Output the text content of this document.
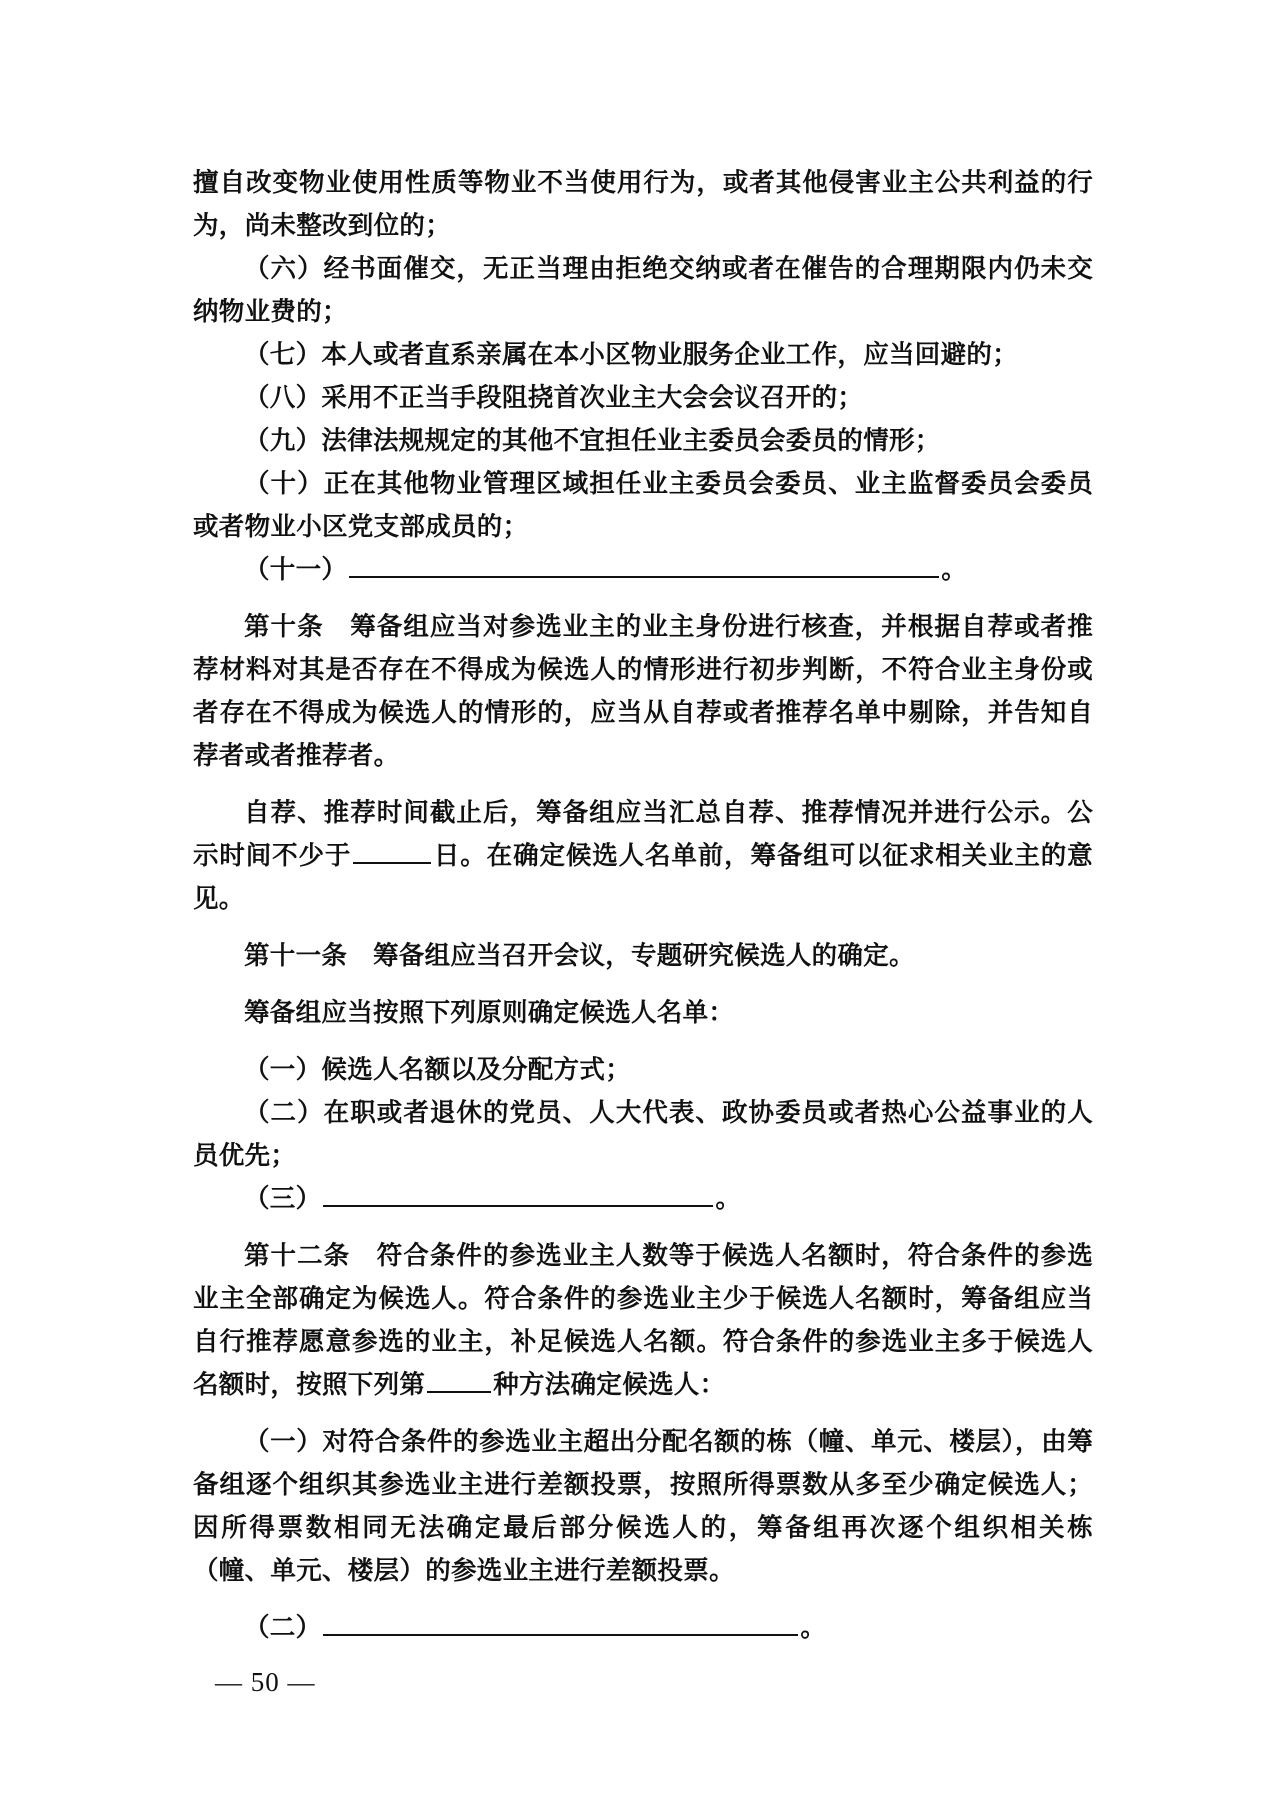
擅自改变物业使用性质等物业不当使用行为，或者其他侵害业主公共利益的行为，尚未整改到位的；

（六）经书面催交，无正当理由拒绝交纳或者在催告的合理期限内仍未交纳物业费的；

（七）本人或者直系亲属在本小区物业服务企业工作，应当回避的；

（八）采用不正当手段阻挠首次业主大会会议召开的；

（九）法律法规规定的其他不宜担任业主委员会委员的情形；

（十）正在其他物业管理区域担任业主委员会委员、业主监督委员会委员或者物业小区党支部成员的；

（十一）	。

第十条　筹备组应当对参选业主的业主身份进行核查，并根据自荐或者推荐材料对其是否存在不得成为候选人的情形进行初步判断，不符合业主身份或者存在不得成为候选人的情形的，应当从自荐或者推荐名单中剔除，并告知自荐者或者推荐者。

自荐、推荐时间截止后，筹备组应当汇总自荐、推荐情况并进行公示。公示时间不少于	日。在确定候选人名单前，筹备组可以征求相关业主的意见。

第十一条　筹备组应当召开会议，专题研究候选人的确定。

筹备组应当按照下列原则确定候选人名单：

（一）候选人名额以及分配方式；

（二）在职或者退休的党员、人大代表、政协委员或者热心公益事业的人员优先；

（三）	。

第十二条　符合条件的参选业主人数等于候选人名额时，符合条件的参选业主全部确定为候选人。符合条件的参选业主少于候选人名额时，筹备组应当自行推荐愿意参选的业主，补足候选人名额。符合条件的参选业主多于候选人名额时，按照下列第	种方法确定候选人：

（一）对符合条件的参选业主超出分配名额的栋（幢、单元、楼层），由筹备组逐个组织其参选业主进行差额投票，按照所得票数从多至少确定候选人；因所得票数相同无法确定最后部分候选人的，筹备组再次逐个组织相关栋（幢、单元、楼层）的参选业主进行差额投票。

（二）	。

— 50 —
